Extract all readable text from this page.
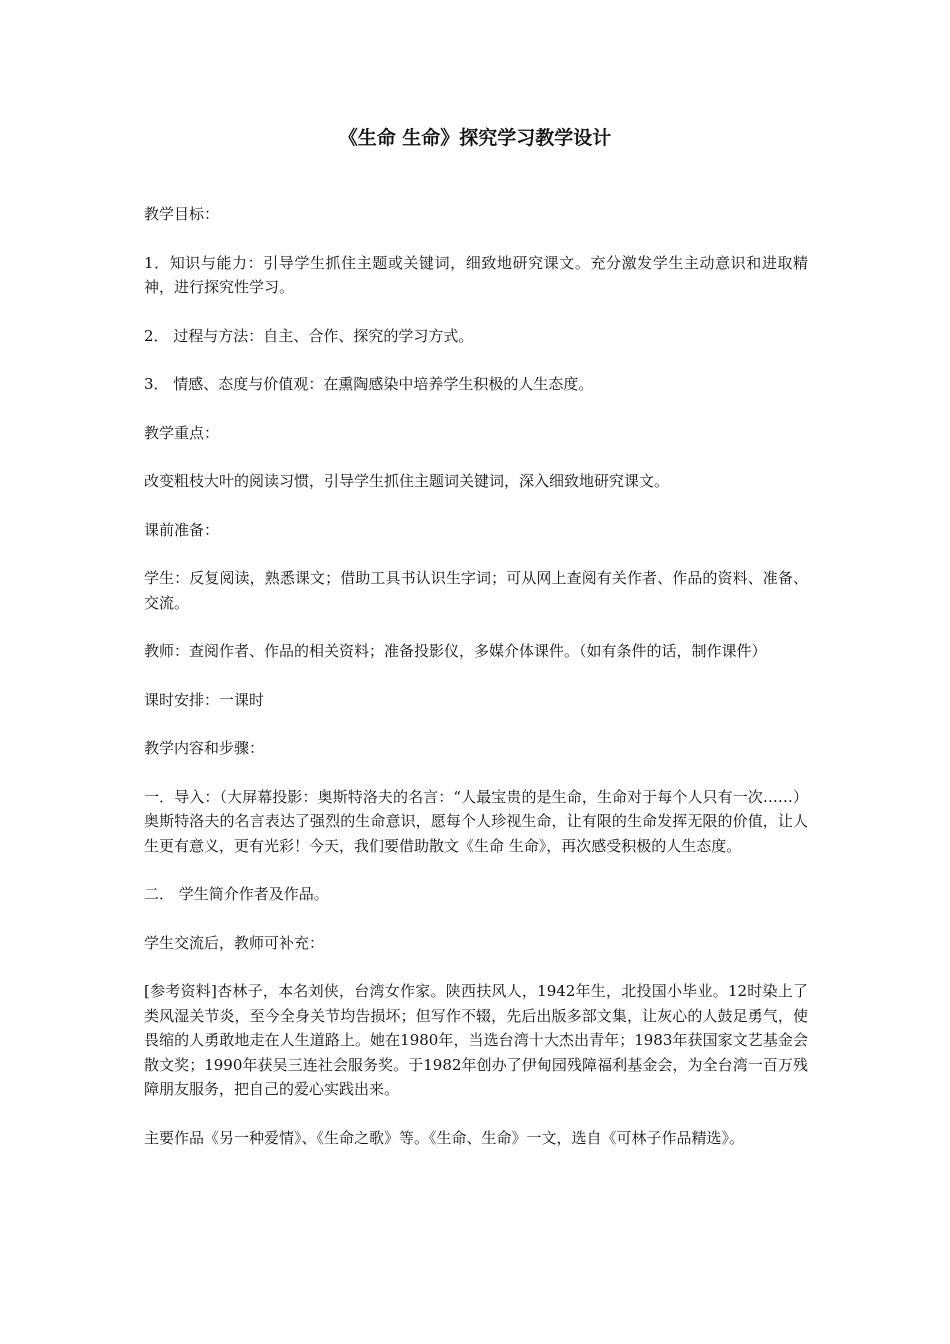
《生命 生命》探究学习教学设计

教学目标：

1．知识与能力：引导学生抓住主题或关键词，细致地研究课文。充分激发学生主动意识和进取精神，进行探究性学习。

2． 过程与方法：自主、合作、探究的学习方式。

3． 情感、态度与价值观：在熏陶感染中培养学生积极的人生态度。

教学重点：

改变粗枝大叶的阅读习惯，引导学生抓住主题词关键词，深入细致地研究课文。

课前准备：

学生：反复阅读，熟悉课文；借助工具书认识生字词；可从网上查阅有关作者、作品的资料、准备、交流。

教师：查阅作者、作品的相关资料；准备投影仪，多媒介体课件。（如有条件的话，制作课件）

课时安排：一课时

教学内容和步骤：

一．导入：（大屏幕投影：奥斯特洛夫的名言：“人最宝贵的是生命，生命对于每个人只有一次……）奥斯特洛夫的名言表达了强烈的生命意识，愿每个人珍视生命，让有限的生命发挥无限的价值，让人生更有意义，更有光彩！今天，我们要借助散文《生命 生命》，再次感受积极的人生态度。

二． 学生简介作者及作品。

学生交流后，教师可补充：

[参考资料]杏林子，本名刘侠，台湾女作家。陕西扶风人，1942年生，北投国小毕业。12时染上了类风湿关节炎，至今全身关节均告损坏；但写作不辍，先后出版多部文集，让灰心的人鼓足勇气，使畏缩的人勇敢地走在人生道路上。她在1980年，当选台湾十大杰出青年；1983年获国家文艺基金会散文奖；1990年获吴三连社会服务奖。于1982年创办了伊甸园残障福利基金会，为全台湾一百万残障朋友服务，把自己的爱心实践出来。

主要作品《另一种爱情》、《生命之歌》等。《生命、生命》一文，选自《可林子作品精选》。
